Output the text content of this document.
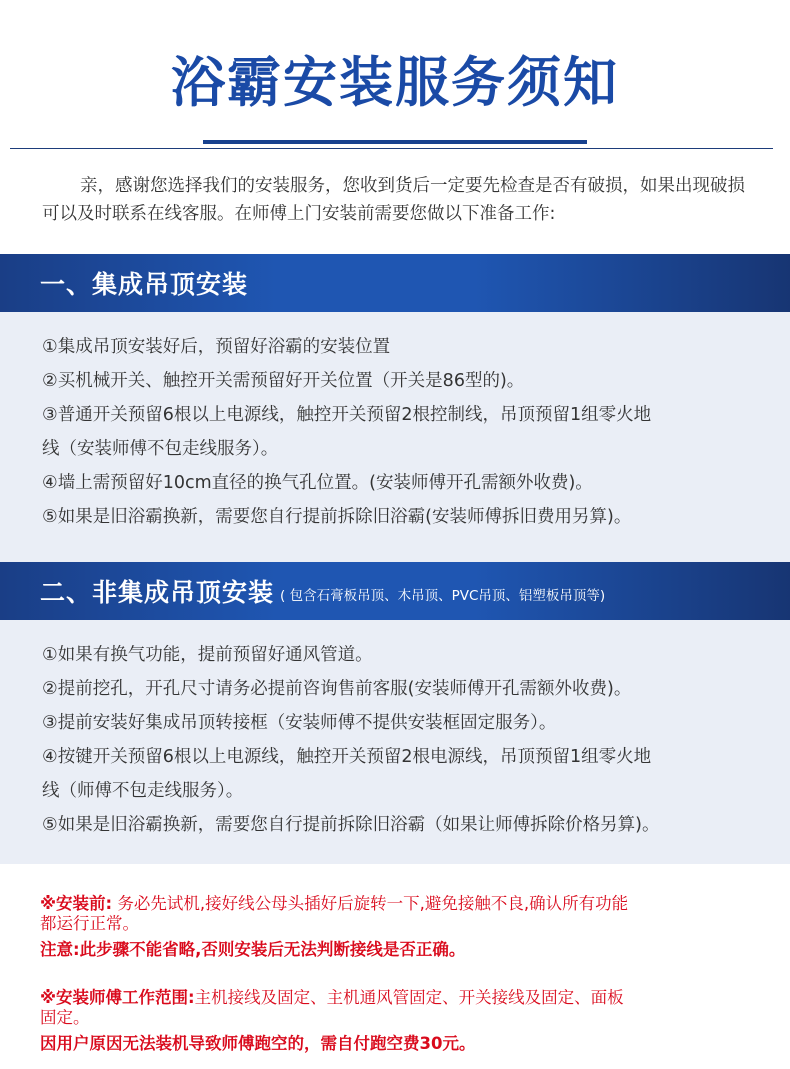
浴霸安装服务须知
亲，感谢您选择我们的安装服务，您收到货后一定要先检查是否有破损，如果出现破损可以及时联系在线客服。在师傅上门安装前需要您做以下准备工作:
一、集成吊顶安装
①集成吊顶安装好后，预留好浴霸的安装位置
②买机械开关、触控开关需预留好开关位置（开关是86型的)。
③普通开关预留6根以上电源线，触控开关预留2根控制线，吊顶预留1组零火地
线（安装师傅不包走线服务）。
④墙上需预留好10cm直径的换气孔位置。(安装师傅开孔需额外收费)。
⑤如果是旧浴霸换新，需要您自行提前拆除旧浴霸(安装师傅拆旧费用另算)。
二、非集成吊顶安装 ( 包含石膏板吊顶、木吊顶、PVC吊顶、铝塑板吊顶等)
①如果有换气功能，提前预留好通风管道。
②提前挖孔，开孔尺寸请务必提前咨询售前客服(安装师傅开孔需额外收费)。
③提前安装好集成吊顶转接框（安装师傅不提供安装框固定服务）。
④按键开关预留6根以上电源线，触控开关预留2根电源线，吊顶预留1组零火地
线（师傅不包走线服务）。
⑤如果是旧浴霸换新，需要您自行提前拆除旧浴霸（如果让师傅拆除价格另算)。
※安装前: 务必先试机,接好线公母头插好后旋转一下,避免接触不良,确认所有功能
都运行正常。
注意:此步骤不能省略,否则安装后无法判断接线是否正确。
※安装师傅工作范围:主机接线及固定、主机通风管固定、开关接线及固定、面板
固定。
因用户原因无法装机导致师傅跑空的，需自付跑空费30元。
